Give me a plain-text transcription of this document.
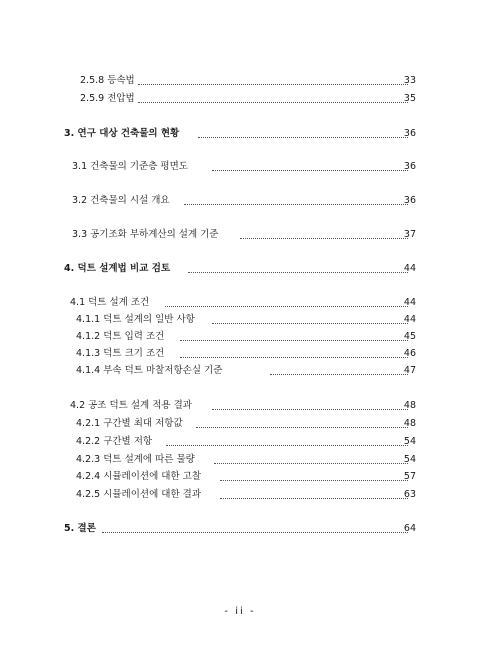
2.5.8 등속법	33
2.5.9 전압법	35
3. 연구 대상 건축물의 현황	36
3.1 건축물의 기준층 평면도	36
3.2 건축물의 시설 개요	36
3.3 공기조화 부하계산의 설계 기준	37
4. 덕트 설계법 비교 검토	44
4.1 덕트 설계 조건	44
4.1.1 덕트 설계의 일반 사항	44
4.1.2 덕트 입력 조건	45
4.1.3 덕트 크기 조건	46
4.1.4 부속 덕트 마찰저항손실 기준	47
4.2 공조 덕트 설계 적용 결과	48
4.2.1 구간별 최대 저항값	48
4.2.2 구간별 저항	54
4.2.3 덕트 설계에 따른 물량	54
4.2.4 시뮬레이션에 대한 고찰	57
4.2.5 시뮬레이션에 대한 결과	63
5. 결론	64
- ii -
